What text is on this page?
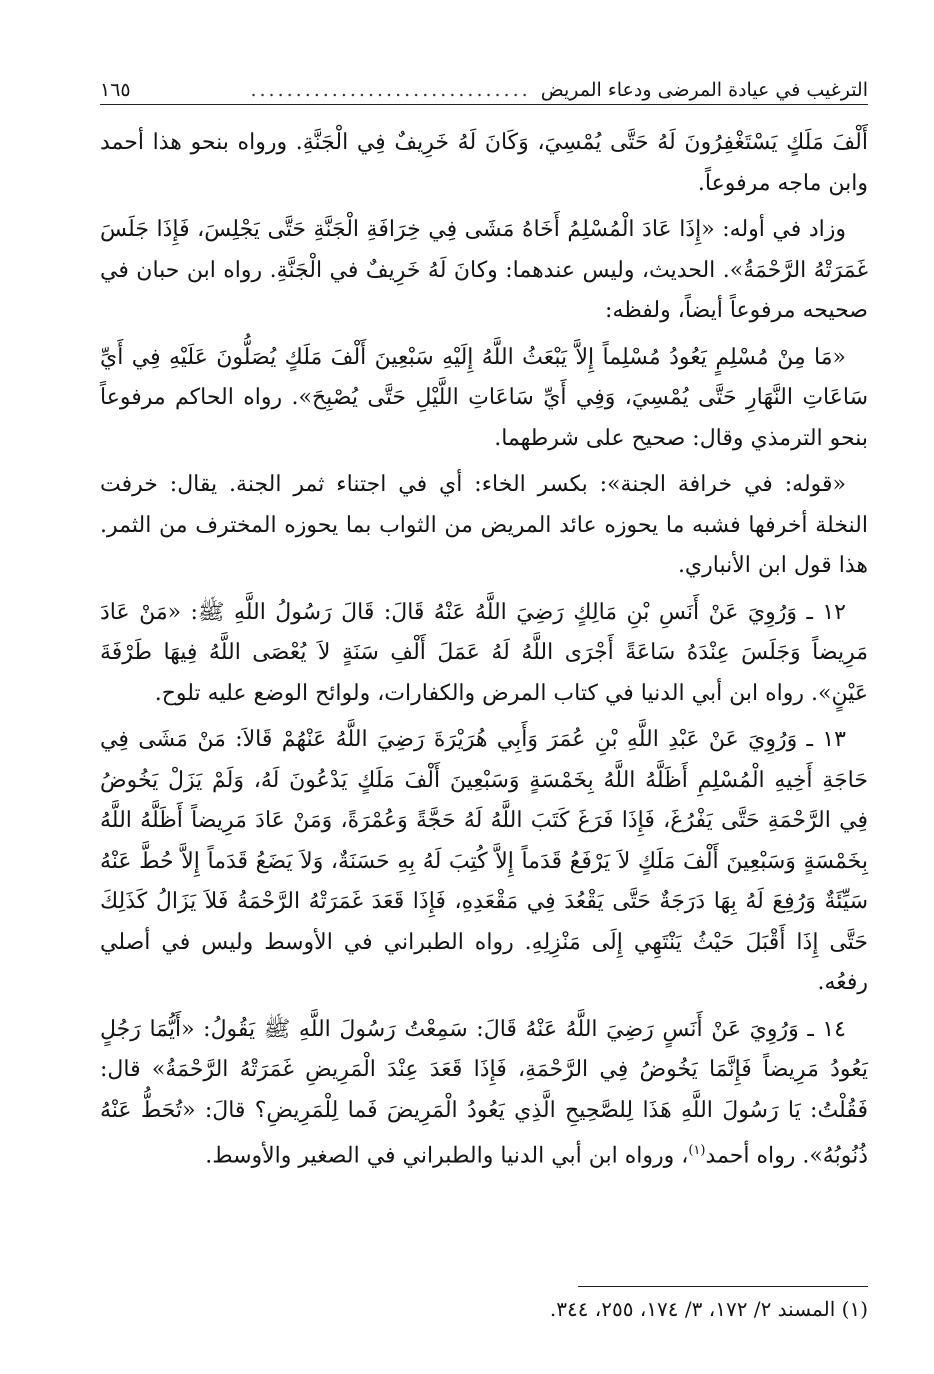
الترغيب في عيادة المرضى ودعاء المريض
...............................
١٦٥

أَلْفَ مَلَكٍ يَسْتَغْفِرُونَ لَهُ حَتَّى يُمْسِيَ، وَكَانَ لَهُ خَرِيفٌ فِي الْجَنَّةِ. ورواه بنحو هذا أحمد وابن ماجه مرفوعاً.

وزاد في أوله: «إِذَا عَادَ الْمُسْلِمُ أَخَاهُ مَشَى فِي خِرَافَةِ الْجَنَّةِ حَتَّى يَجْلِسَ، فَإِذَا جَلَسَ غَمَرَتْهُ الرَّحْمَةُ». الحديث، وليس عندهما: وكانَ لَهُ خَرِيفٌ في الْجَنَّةِ. رواه ابن حبان في صحيحه مرفوعاً أيضاً، ولفظه:

«مَا مِنْ مُسْلِمٍ يَعُودُ مُسْلِماً إِلاَّ يَبْعَثُ اللَّهُ إِلَيْهِ سَبْعِينَ أَلْفَ مَلَكٍ يُصَلُّونَ عَلَيْهِ فِي أَيِّ سَاعَاتِ النَّهَارِ حَتَّى يُمْسِيَ، وَفِي أَيِّ سَاعَاتِ اللَّيْلِ حَتَّى يُصْبِحَ». رواه الحاكم مرفوعاً بنحو الترمذي وقال: صحيح على شرطهما.

«قوله: في خرافة الجنة»: بكسر الخاء: أي في اجتناء ثمر الجنة. يقال: خرفت النخلة أخرفها فشبه ما يحوزه عائد المريض من الثواب بما يحوزه المخترف من الثمر. هذا قول ابن الأنباري.

١٢ ـ وَرُوِيَ عَنْ أَنَسِ بْنِ مَالِكٍ رَضِيَ اللَّهُ عَنْهُ قَالَ: قَالَ رَسُولُ اللَّهِ ﷺ: «مَنْ عَادَ مَرِيضاً وَجَلَسَ عِنْدَهُ سَاعَةً أَجْرَى اللَّهُ لَهُ عَمَلَ أَلْفِ سَنَةٍ لاَ يُعْصَى اللَّهُ فِيهَا طَرْفَةَ عَيْنٍ». رواه ابن أبي الدنيا في كتاب المرض والكفارات، ولوائح الوضع عليه تلوح.

١٣ ـ وَرُوِيَ عَنْ عَبْدِ اللَّهِ بْنِ عُمَرَ وَأَبِي هُرَيْرَةَ رَضِيَ اللَّهُ عَنْهُمْ قَالاَ: مَنْ مَشَى فِي حَاجَةِ أَخِيهِ الْمُسْلِمِ أَظَلَّهُ اللَّهُ بِخَمْسَةٍ وَسَبْعِينَ أَلْفَ مَلَكٍ يَدْعُونَ لَهُ، وَلَمْ يَزَلْ يَخُوضُ فِي الرَّحْمَةِ حَتَّى يَفْرُغَ، فَإِذَا فَرَغَ كَتَبَ اللَّهُ لَهُ حَجَّةً وَعُمْرَةً، وَمَنْ عَادَ مَرِيضاً أَظَلَّهُ اللَّهُ بِخَمْسَةٍ وَسَبْعِينَ أَلْفَ مَلَكٍ لاَ يَرْفَعُ قَدَماً إِلاَّ كُتِبَ لَهُ بِهِ حَسَنَةٌ، وَلاَ يَضَعُ قَدَماً إِلاَّ حُطَّ عَنْهُ سَيِّئَةٌ وَرُفِعَ لَهُ بِهَا دَرَجَةٌ حَتَّى يَقْعُدَ فِي مَقْعَدِهِ، فَإِذَا قَعَدَ غَمَرَتْهُ الرَّحْمَةُ فَلاَ يَزَالُ كَذَلِكَ حَتَّى إِذَا أَقْبَلَ حَيْثُ يَنْتَهِي إِلَى مَنْزِلِهِ. رواه الطبراني في الأوسط وليس في أصلي رفعُه.

١٤ ـ وَرُوِيَ عَنْ أَنَسٍ رَضِيَ اللَّهُ عَنْهُ قَالَ: سَمِعْتُ رَسُولَ اللَّهِ ﷺ يَقُولُ: «أَيُّمَا رَجُلٍ يَعُودُ مَرِيضاً فَإِنَّمَا يَخُوضُ فِي الرَّحْمَةِ، فَإِذَا قَعَدَ عِنْدَ الْمَرِيضِ غَمَرَتْهُ الرَّحْمَةُ» قال: فَقُلْتُ: يَا رَسُولَ اللَّهِ هَذَا لِلصَّحِيحِ الَّذِي يَعُودُ الْمَرِيضَ فَما لِلْمَرِيضِ؟ قالَ: «تُحَطُّ عَنْهُ ذُنُوبُهُ». رواه أحمد$^{(١)}$، ورواه ابن أبي الدنيا والطبراني في الصغير والأوسط.

(١) المسند ٢/ ١٧٢، ٣/ ١٧٤، ٢٥٥، ٣٤٤.
